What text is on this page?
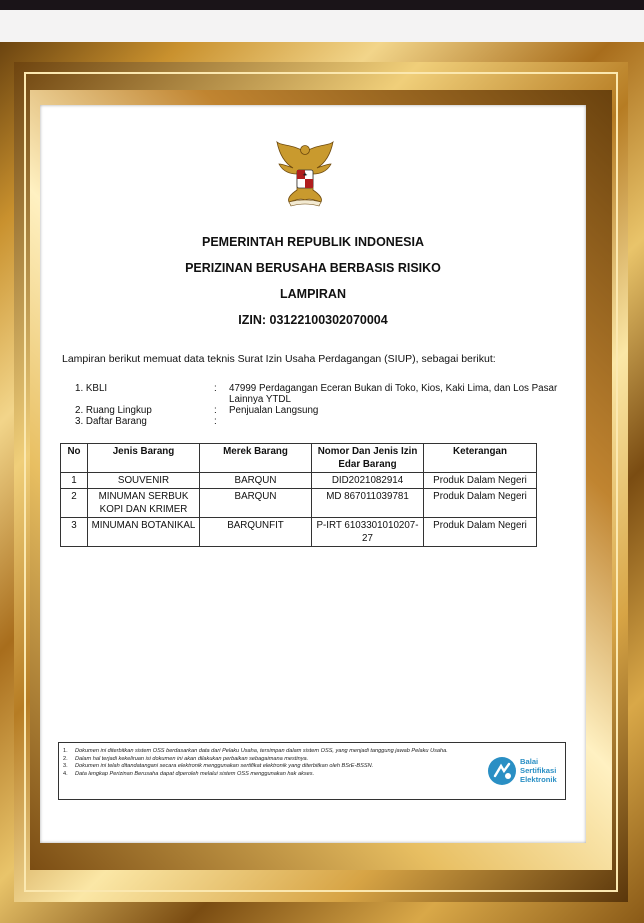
PEMERINTAH REPUBLIK INDONESIA
PERIZINAN BERUSAHA BERBASIS RISIKO
LAMPIRAN
IZIN: 03122100302070004
Lampiran berikut memuat data teknis Surat Izin Usaha Perdagangan (SIUP), sebagai berikut:
1. KBLI	: 47999 Perdagangan Eceran Bukan di Toko, Kios, Kaki Lima, dan Los Pasar Lainnya YTDL
2. Ruang Lingkup	: Penjualan Langsung
3. Daftar Barang	:
No	Jenis Barang	Merek Barang	Nomor Dan Jenis Izin Edar Barang	Keterangan
1	SOUVENIR	BARQUN	DID2021082914	Produk Dalam Negeri
2	MINUMAN SERBUK KOPI DAN KRIMER	BARQUN	MD 867011039781	Produk Dalam Negeri
3	MINUMAN BOTANIKAL	BARQUNFIT	P-IRT 6103301010207-27	Produk Dalam Negeri
1. Dokumen ini diterbitkan sistem OSS berdasarkan data dari Pelaku Usaha, tersimpan dalam sistem OSS, yang menjadi tanggung jawab Pelaku Usaha.
2. Dalam hal terjadi kekeliruan isi dokumen ini akan dilakukan perbaikan sebagaimana mestinya.
3. Dokumen ini telah ditandatangani secara elektronik menggunakan sertifikat elektronik yang diterbitkan oleh BSrE-BSSN.
4. Data lengkap Perizinan Berusaha dapat diperoleh melalui sistem OSS menggunakan hak akses.
Balai
Sertifikasi
Elektronik
